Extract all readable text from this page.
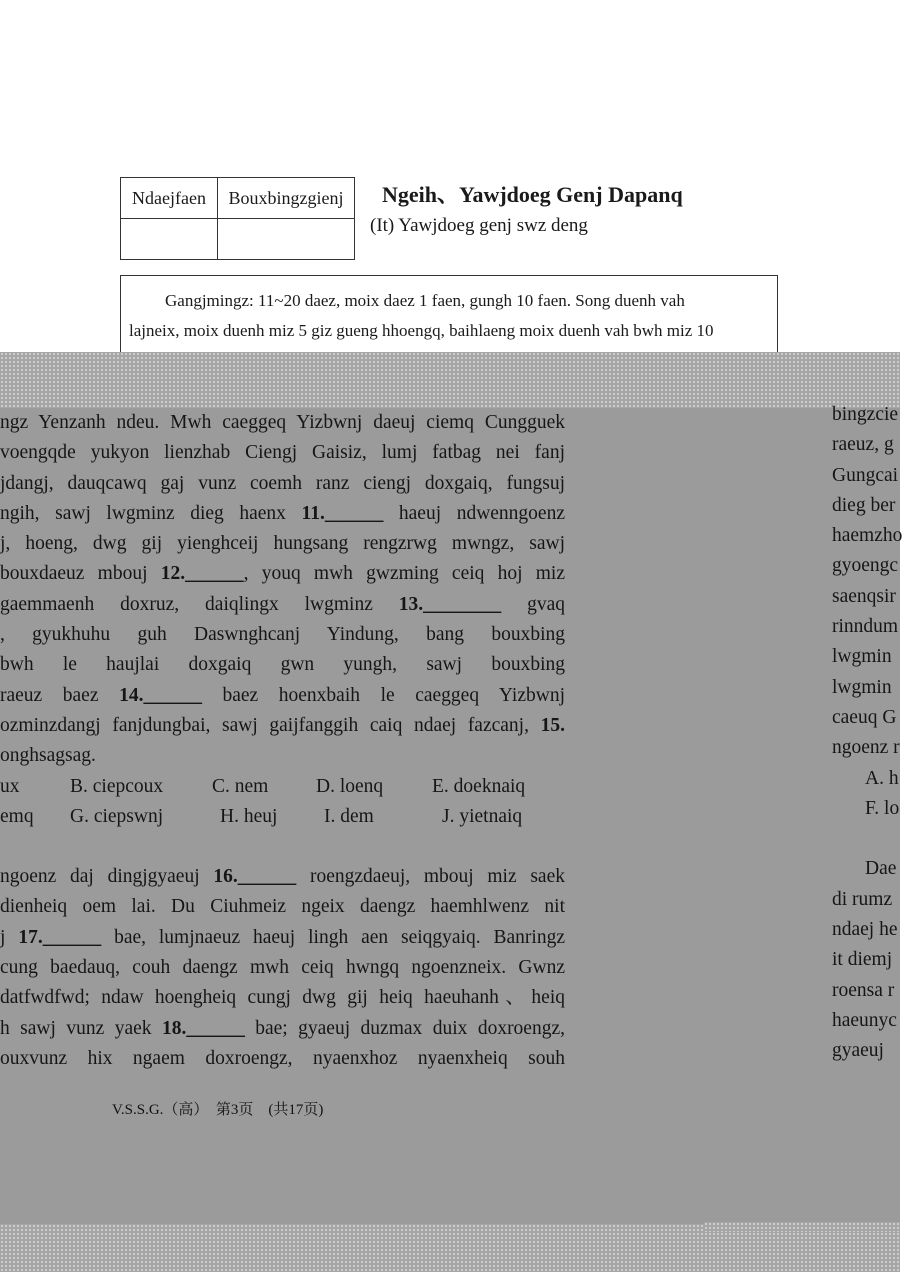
Ndaejfaen	Bouxbingzgienj
	Ngeih、Yawjdoeg Genj Dapanq
(It) Yawjdoeg genj swz deng

Gangjmingz: 11~20 daez, moix daez 1 faen, gungh 10 faen. Song duenh vah

lajneix, moix duenh miz 5 giz gueng hhoengq, baihlaeng moix duenh vah bwh miz 10
ngz Yenzanh ndeu. Mwh caeggeq Yizbwnj daeuj ciemq Cungguek
voengqde yukyon lienzhab Ciengj Gaisiz, lumj fatbag nei fanj
jdangj, dauqcawq gaj vunz coemh ranz ciengj doxgaiq, fungsuj
ngih, sawj lwgminz dieg haenx 11.______ haeuj ndwenngoenz
j, hoeng, dwg gij yienghceij hungsang rengzrwg mwngz, sawj
bouxdaeuz mbouj 12.______, youq mwh gwzming ceiq hoj miz
gaemmaenh doxruz, daiqlingx lwgminz 13.________ gvaq
, gyukhuhu guh Daswnghcanj Yindung, bang bouxbing
bwh le haujlai doxgaiq gwn yungh, sawj bouxbing
raeuz baez 14.______ baez hoenxbaih le caeggeq Yizbwnj
ozminzdangj fanjdungbai, sawj gaijfanggih caiq ndaej fazcanj, 15.
onghsagsag.
ux	B. ciepcoux	C. nem	D. loenq	E. doeknaiq
emq	G. ciepswnj	H. heuj	I. dem	J. yietnaiq
ngoenz daj dingjgyaeuj 16.______ roengzdaeuj, mbouj miz saek
dienheiq oem lai. Du Ciuhmeiz ngeix daengz haemhlwenz nit
j 17.______ bae, lumjnaeuz haeuj lingh aen seiqgyaiq. Banringz
cung baedauq, couh daengz mwh ceiq hwngq ngoenzneix. Gwnz
datfwdfwd; ndaw hoengheiq cungj dwg gij heiq haeuhanh、heiq
h sawj vunz yaek 18.______ bae; gyaeuj duzmax duix doxroengz,
ouxvunz hix ngaem doxroengz, nyaenxhoz nyaenxheiq souh
bingzcie
raeuz, g
Gungcai
dieg ber
haemzho
gyoengc
saenqsir
rinndum
lwgmin
lwgmin
caeuq G
ngoenz r
A. h
F. lo
Dae
di rumz
ndaej he
it diemj
roensa r
haeunyc
gyaeuj
V.S.S.G.（高）　第3页　(共17页)
